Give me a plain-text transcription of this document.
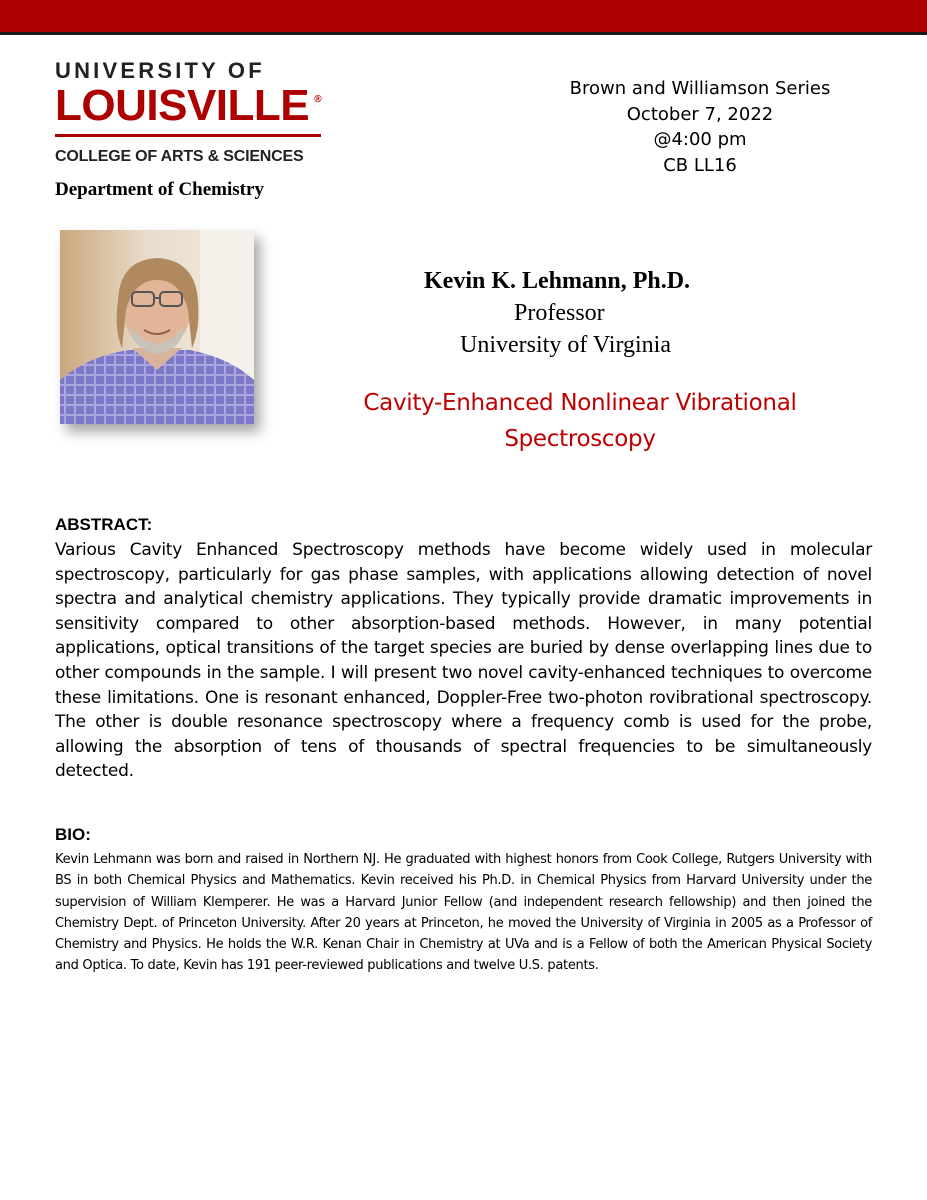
UNIVERSITY OF
LOUISVILLE ®
COLLEGE OF ARTS & SCIENCES
Department of Chemistry
Brown and Williamson Series
October 7, 2022
@4:00 pm
CB LL16
Kevin K. Lehmann, Ph.D.
Professor
University of Virginia
Cavity-Enhanced Nonlinear Vibrational Spectroscopy
ABSTRACT:
Various Cavity Enhanced Spectroscopy methods have become widely used in molecular spectroscopy, particularly for gas phase samples, with applications allowing detection of novel spectra and analytical chemistry applications. They typically provide dramatic improvements in sensitivity compared to other absorption-based methods. However, in many potential applications, optical transitions of the target species are buried by dense overlapping lines due to other compounds in the sample. I will present two novel cavity-enhanced techniques to overcome these limitations. One is resonant enhanced, Doppler-Free two-photon rovibrational spectroscopy. The other is double resonance spectroscopy where a frequency comb is used for the probe, allowing the absorption of tens of thousands of spectral frequencies to be simultaneously detected.
BIO:
Kevin Lehmann was born and raised in Northern NJ. He graduated with highest honors from Cook College, Rutgers University with BS in both Chemical Physics and Mathematics. Kevin received his Ph.D. in Chemical Physics from Harvard University under the supervision of William Klemperer. He was a Harvard Junior Fellow (and independent research fellowship) and then joined the Chemistry Dept. of Princeton University. After 20 years at Princeton, he moved the University of Virginia in 2005 as a Professor of Chemistry and Physics. He holds the W.R. Kenan Chair in Chemistry at UVa and is a Fellow of both the American Physical Society and Optica. To date, Kevin has 191 peer-reviewed publications and twelve U.S. patents.
